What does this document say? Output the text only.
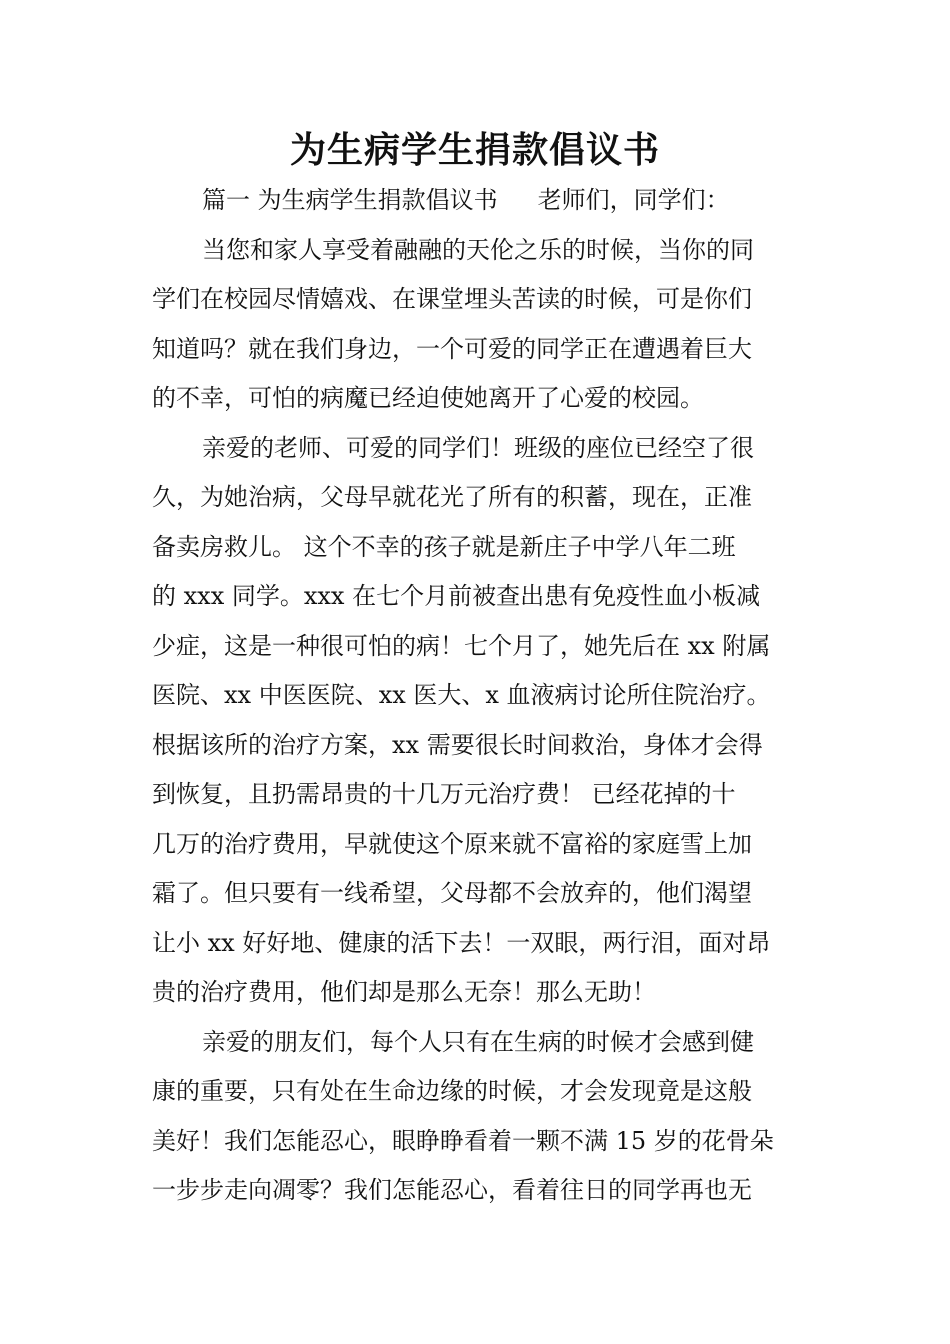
为生病学生捐款倡议书
篇一 为生病学生捐款倡议书 老师们，同学们：
当您和家人享受着融融的天伦之乐的时候，当你的同
学们在校园尽情嬉戏、在课堂埋头苦读的时候，可是你们
知道吗？就在我们身边，一个可爱的同学正在遭遇着巨大
的不幸，可怕的病魔已经迫使她离开了心爱的校园。
亲爱的老师、可爱的同学们！班级的座位已经空了很
久，为她治病，父母早就花光了所有的积蓄，现在，正准
备卖房救儿。 这个不幸的孩子就是新庄子中学八年二班
的 xxx 同学。xxx 在七个月前被查出患有免疫性血小板减
少症，这是一种很可怕的病！七个月了，她先后在 xx 附属
医院、xx 中医医院、xx 医大、x 血液病讨论所住院治疗。
根据该所的治疗方案，xx 需要很长时间救治，身体才会得
到恢复，且扔需昂贵的十几万元治疗费！ 已经花掉的十
几万的治疗费用，早就使这个原来就不富裕的家庭雪上加
霜了。但只要有一线希望，父母都不会放弃的，他们渴望
让小 xx 好好地、健康的活下去！一双眼，两行泪，面对昂
贵的治疗费用，他们却是那么无奈！那么无助！
亲爱的朋友们，每个人只有在生病的时候才会感到健
康的重要，只有处在生命边缘的时候，才会发现竟是这般
美好！我们怎能忍心，眼睁睁看着一颗不满 15 岁的花骨朵
一步步走向凋零？我们怎能忍心，看着往日的同学再也无
